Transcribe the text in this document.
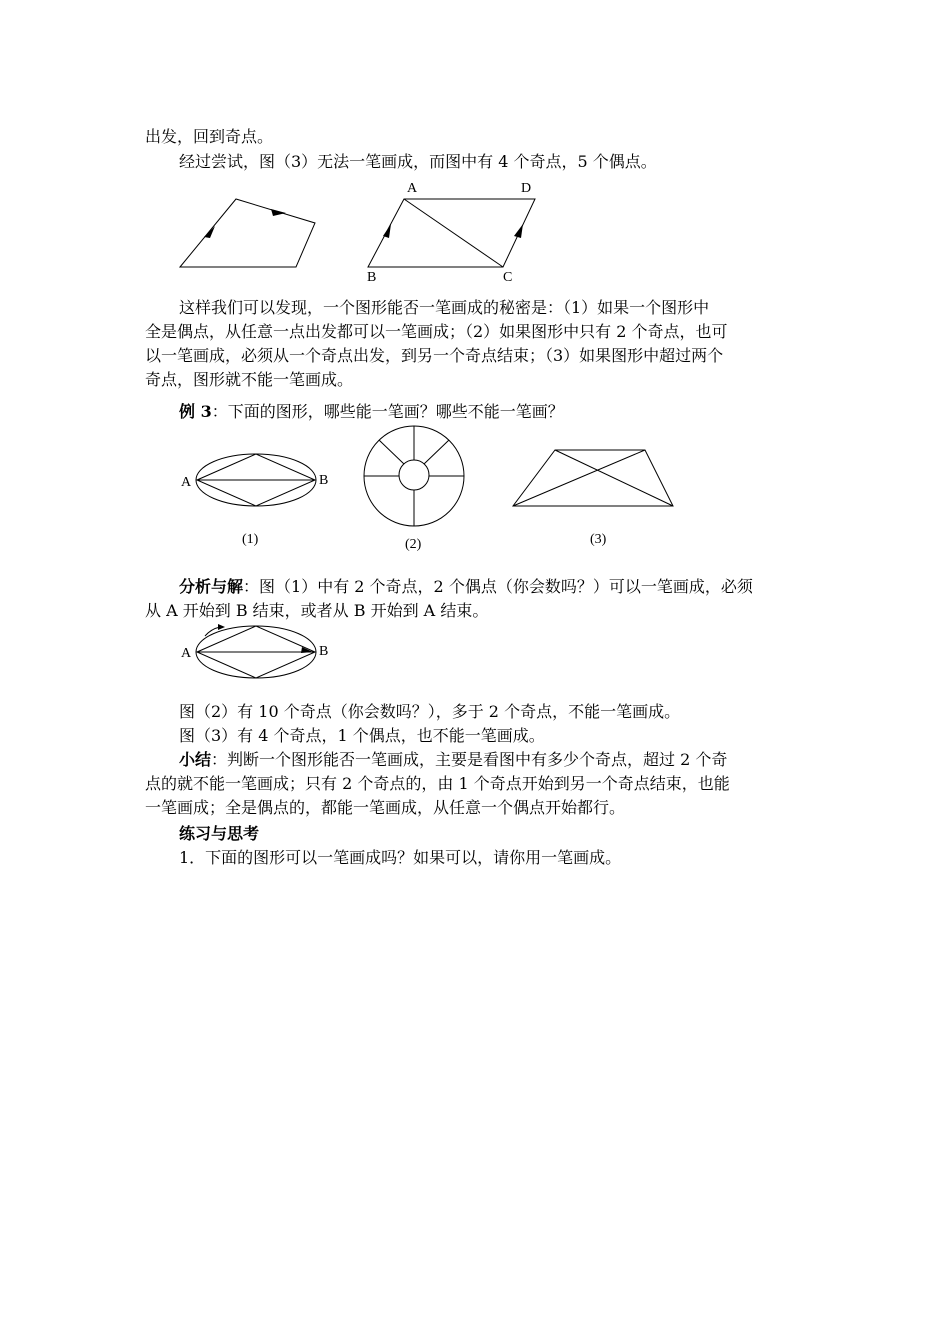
出发，回到奇点。
经过尝试，图（3）无法一笔画成，而图中有 4 个奇点，5 个偶点。
A	D
B	C
A	B
(1)	(2)	(3)
A	B
这样我们可以发现，一个图形能否一笔画成的秘密是：（1）如果一个图形中
全是偶点，从任意一点出发都可以一笔画成；（2）如果图形中只有 2 个奇点，也可
以一笔画成，必须从一个奇点出发，到另一个奇点结束；（3）如果图形中超过两个
奇点，图形就不能一笔画成。
例 3：下面的图形，哪些能一笔画？哪些不能一笔画？
分析与解：图（1）中有 2 个奇点，2 个偶点（你会数吗？）可以一笔画成，必须
从 A 开始到 B 结束，或者从 B 开始到 A 结束。
图（2）有 10 个奇点（你会数吗？），多于 2 个奇点，不能一笔画成。
图（3）有 4 个奇点，1 个偶点，也不能一笔画成。
小结：判断一个图形能否一笔画成，主要是看图中有多少个奇点，超过 2 个奇
点的就不能一笔画成；只有 2 个奇点的，由 1 个奇点开始到另一个奇点结束，也能
一笔画成；全是偶点的，都能一笔画成，从任意一个偶点开始都行。
练习与思考
1．下面的图形可以一笔画成吗？如果可以，请你用一笔画成。
